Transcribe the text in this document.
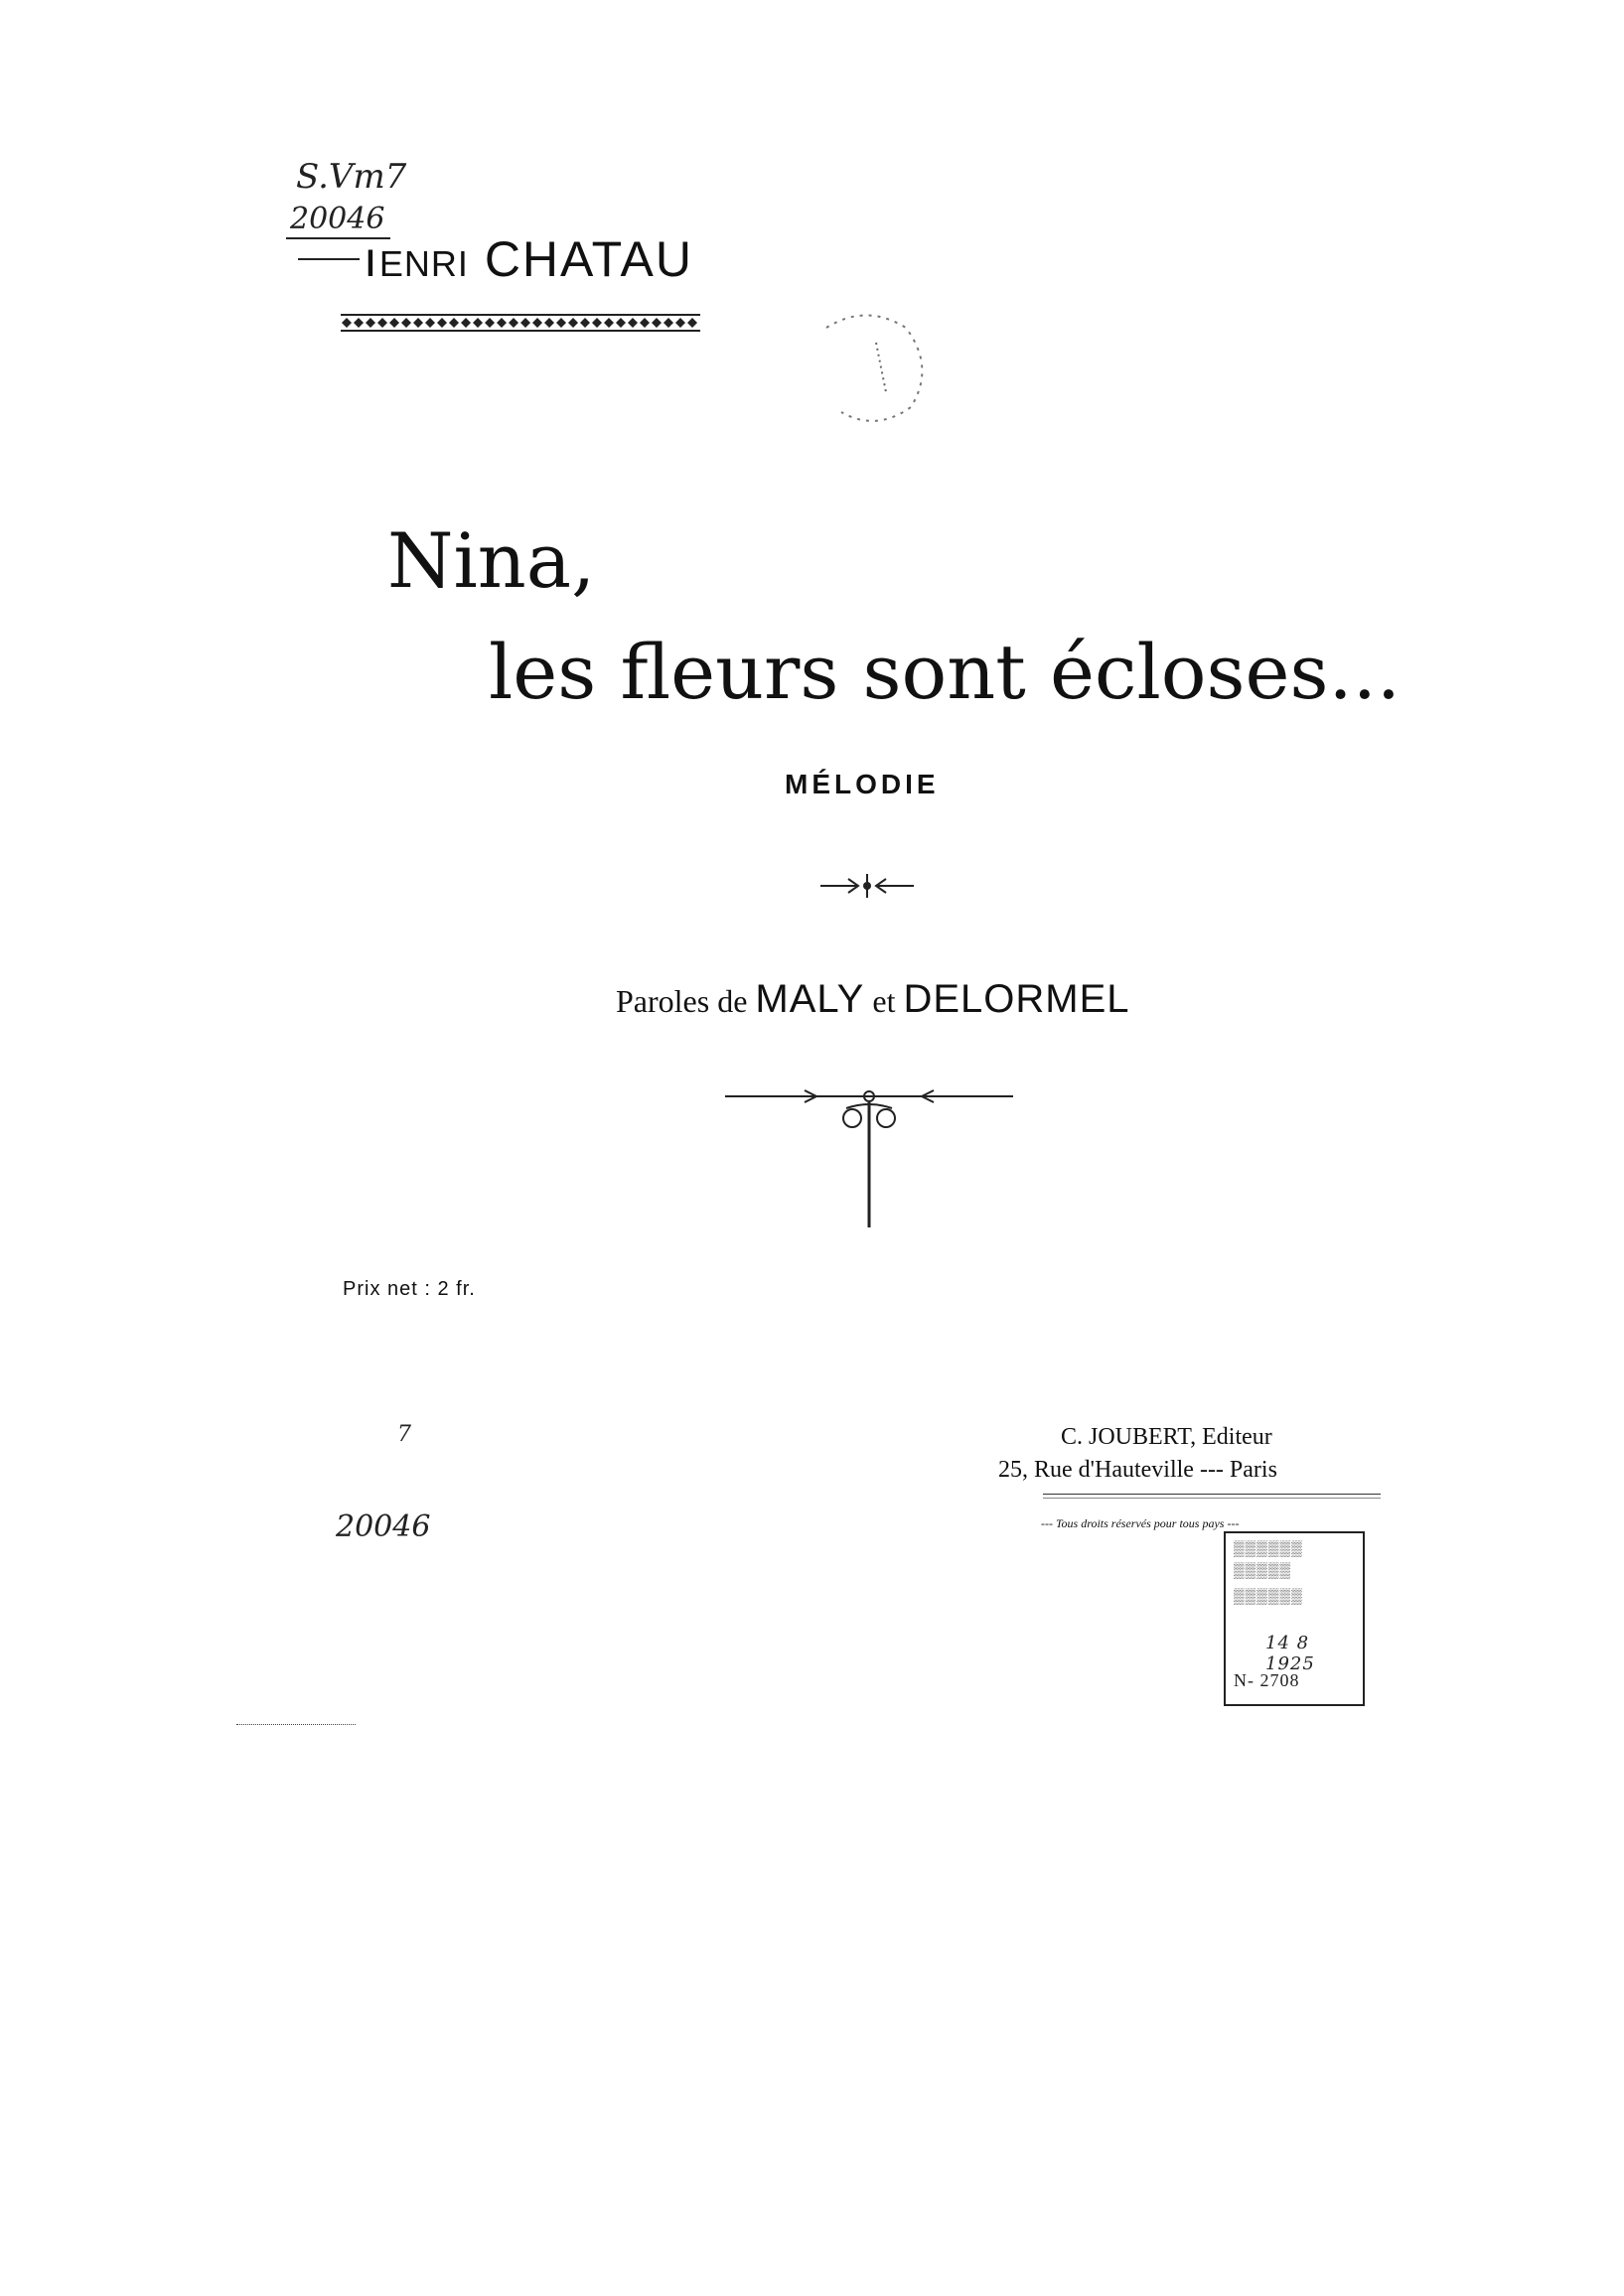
S.Vm7
20046
ıENRI CHATAU
Nina,
les fleurs sont écloses...
MÉLODIE
Paroles de MALY et DELORMEL
Prix net : 2 fr.
7
20046
C. JOUBERT, Editeur
25, Rue d'Hauteville --- Paris
--- Tous droits réservés pour tous pays ---
▒▒▒▒▒▒
▒▒▒▒▒
▒▒▒▒▒▒
14 8 1925
N- 2708
